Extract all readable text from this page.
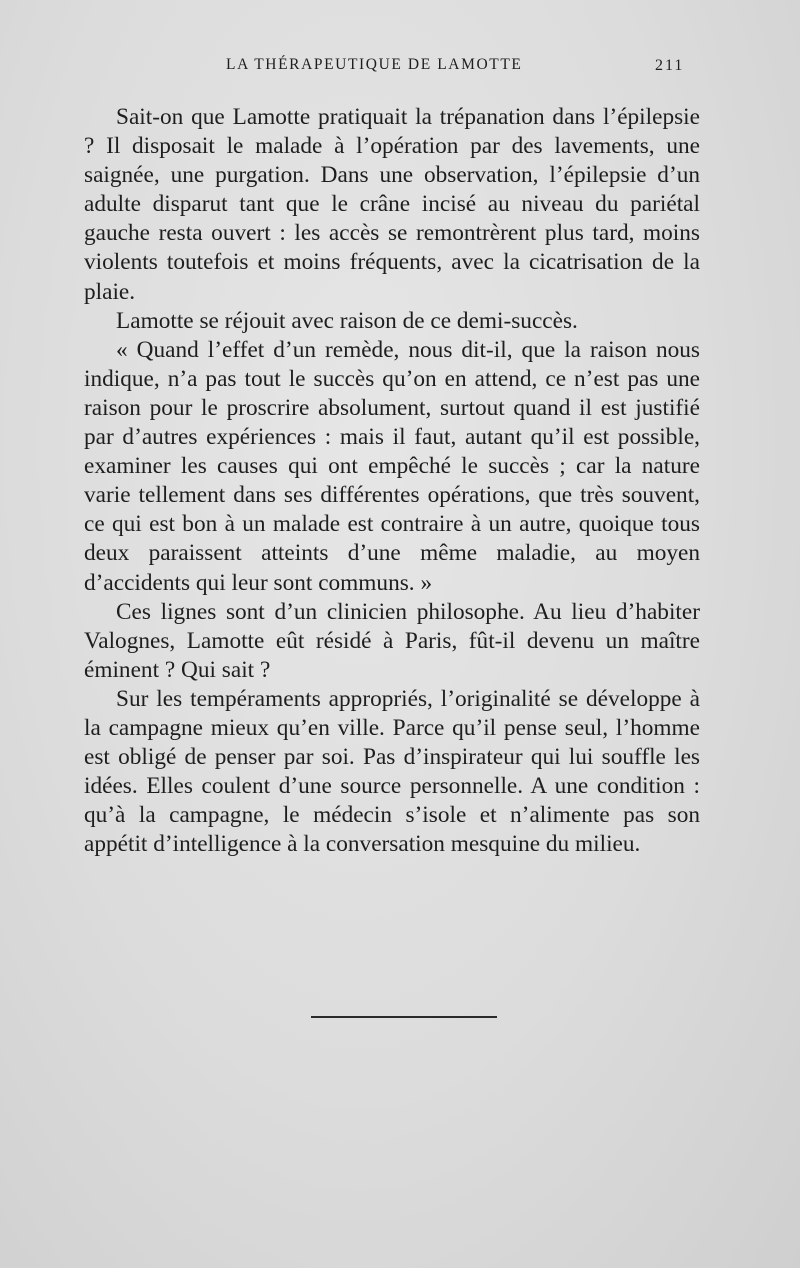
LA THÉRAPEUTIQUE DE LAMOTTE	211

Sait-on que Lamotte pratiquait la trépanation dans l’épilepsie ? Il disposait le malade à l’opération par des lavements, une saignée, une purgation. Dans une observation, l’épilepsie d’un adulte disparut tant que le crâne incisé au niveau du pariétal gauche resta ouvert : les accès se remontrèrent plus tard, moins violents toutefois et moins fréquents, avec la cicatrisation de la plaie.

Lamotte se réjouit avec raison de ce demi-succès.

« Quand l’effet d’un remède, nous dit-il, que la raison nous indique, n’a pas tout le succès qu’on en attend, ce n’est pas une raison pour le proscrire absolument, surtout quand il est justifié par d’autres expériences : mais il faut, autant qu’il est possible, examiner les causes qui ont empêché le succès ; car la nature varie tellement dans ses différentes opérations, que très souvent, ce qui est bon à un malade est contraire à un autre, quoique tous deux paraissent atteints d’une même maladie, au moyen d’accidents qui leur sont communs. »

Ces lignes sont d’un clinicien philosophe. Au lieu d’habiter Valognes, Lamotte eût résidé à Paris, fût-il devenu un maître éminent ? Qui sait ?

Sur les tempéraments appropriés, l’originalité se développe à la campagne mieux qu’en ville. Parce qu’il pense seul, l’homme est obligé de penser par soi. Pas d’inspirateur qui lui souffle les idées. Elles coulent d’une source personnelle. A une condition : qu’à la campagne, le médecin s’isole et n’alimente pas son appétit d’intelligence à la conversation mesquine du milieu.
